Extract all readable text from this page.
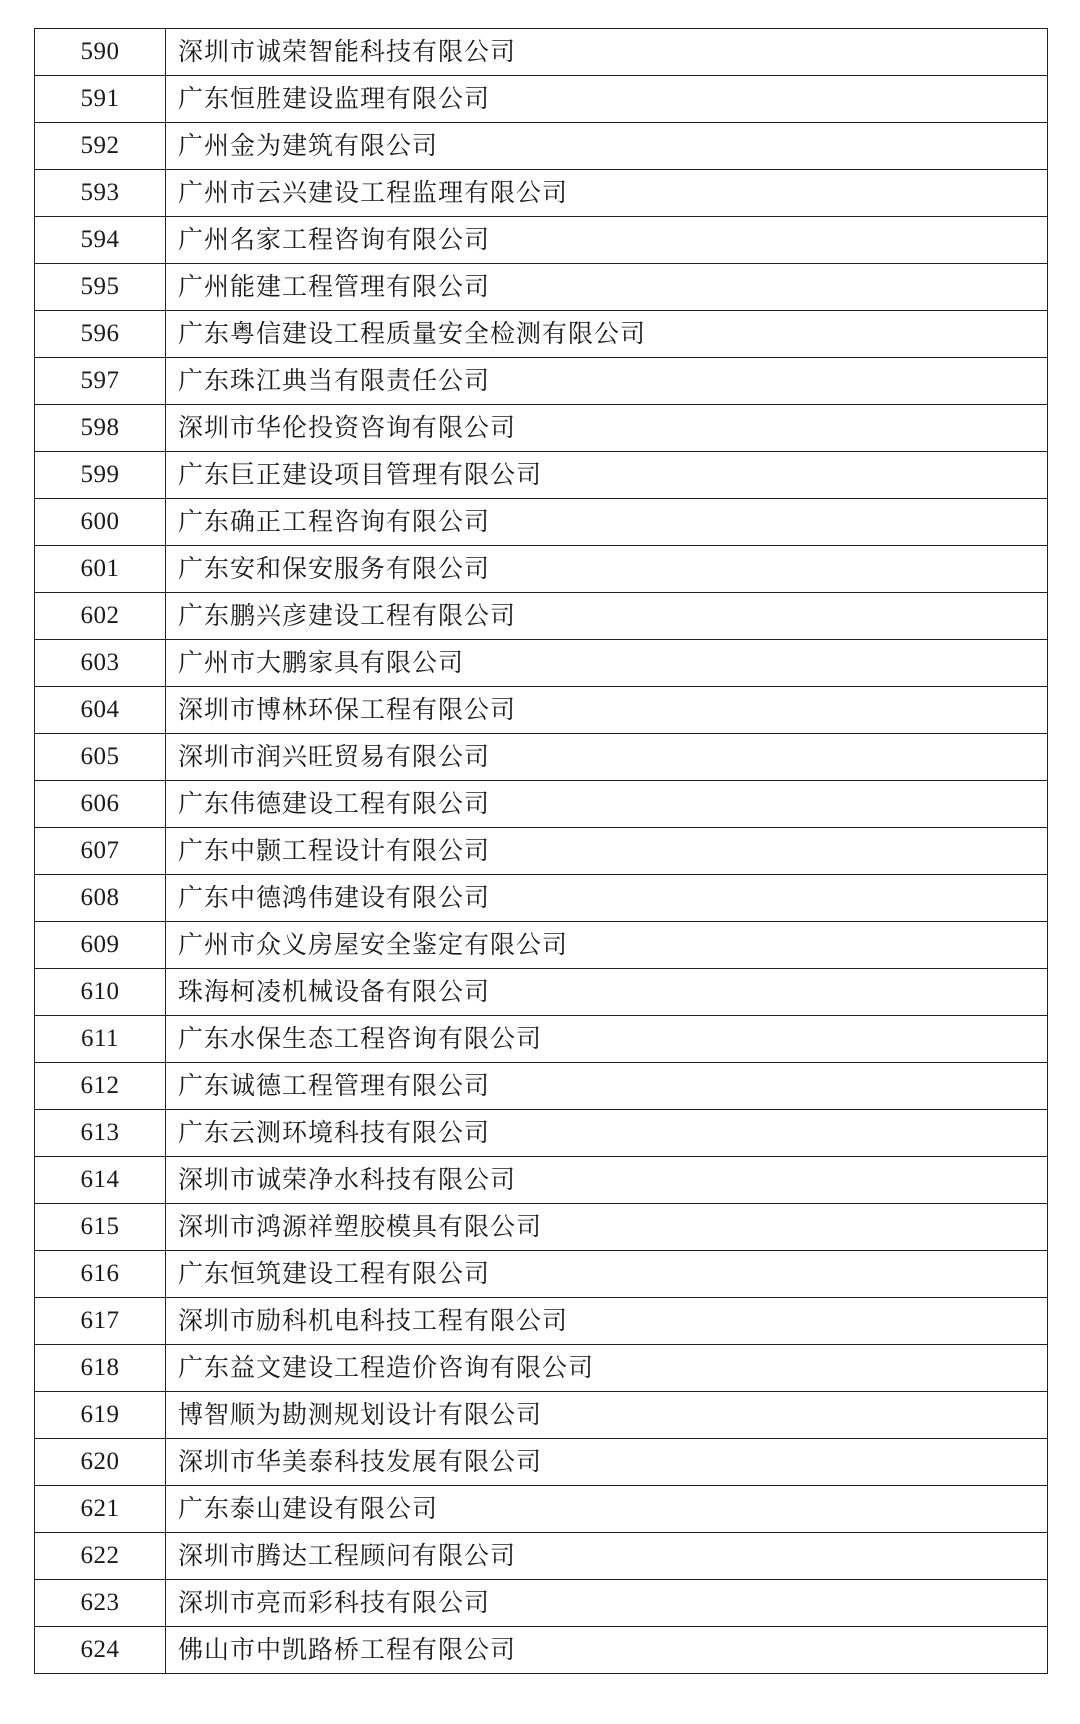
590	深圳市诚荣智能科技有限公司
591	广东恒胜建设监理有限公司
592	广州金为建筑有限公司
593	广州市云兴建设工程监理有限公司
594	广州名家工程咨询有限公司
595	广州能建工程管理有限公司
596	广东粤信建设工程质量安全检测有限公司
597	广东珠江典当有限责任公司
598	深圳市华伦投资咨询有限公司
599	广东巨正建设项目管理有限公司
600	广东确正工程咨询有限公司
601	广东安和保安服务有限公司
602	广东鹏兴彦建设工程有限公司
603	广州市大鹏家具有限公司
604	深圳市博林环保工程有限公司
605	深圳市润兴旺贸易有限公司
606	广东伟德建设工程有限公司
607	广东中颢工程设计有限公司
608	广东中德鸿伟建设有限公司
609	广州市众义房屋安全鉴定有限公司
610	珠海柯凌机械设备有限公司
611	广东水保生态工程咨询有限公司
612	广东诚德工程管理有限公司
613	广东云测环境科技有限公司
614	深圳市诚荣净水科技有限公司
615	深圳市鸿源祥塑胶模具有限公司
616	广东恒筑建设工程有限公司
617	深圳市励科机电科技工程有限公司
618	广东益文建设工程造价咨询有限公司
619	博智顺为勘测规划设计有限公司
620	深圳市华美泰科技发展有限公司
621	广东泰山建设有限公司
622	深圳市腾达工程顾问有限公司
623	深圳市亮而彩科技有限公司
624	佛山市中凯路桥工程有限公司
